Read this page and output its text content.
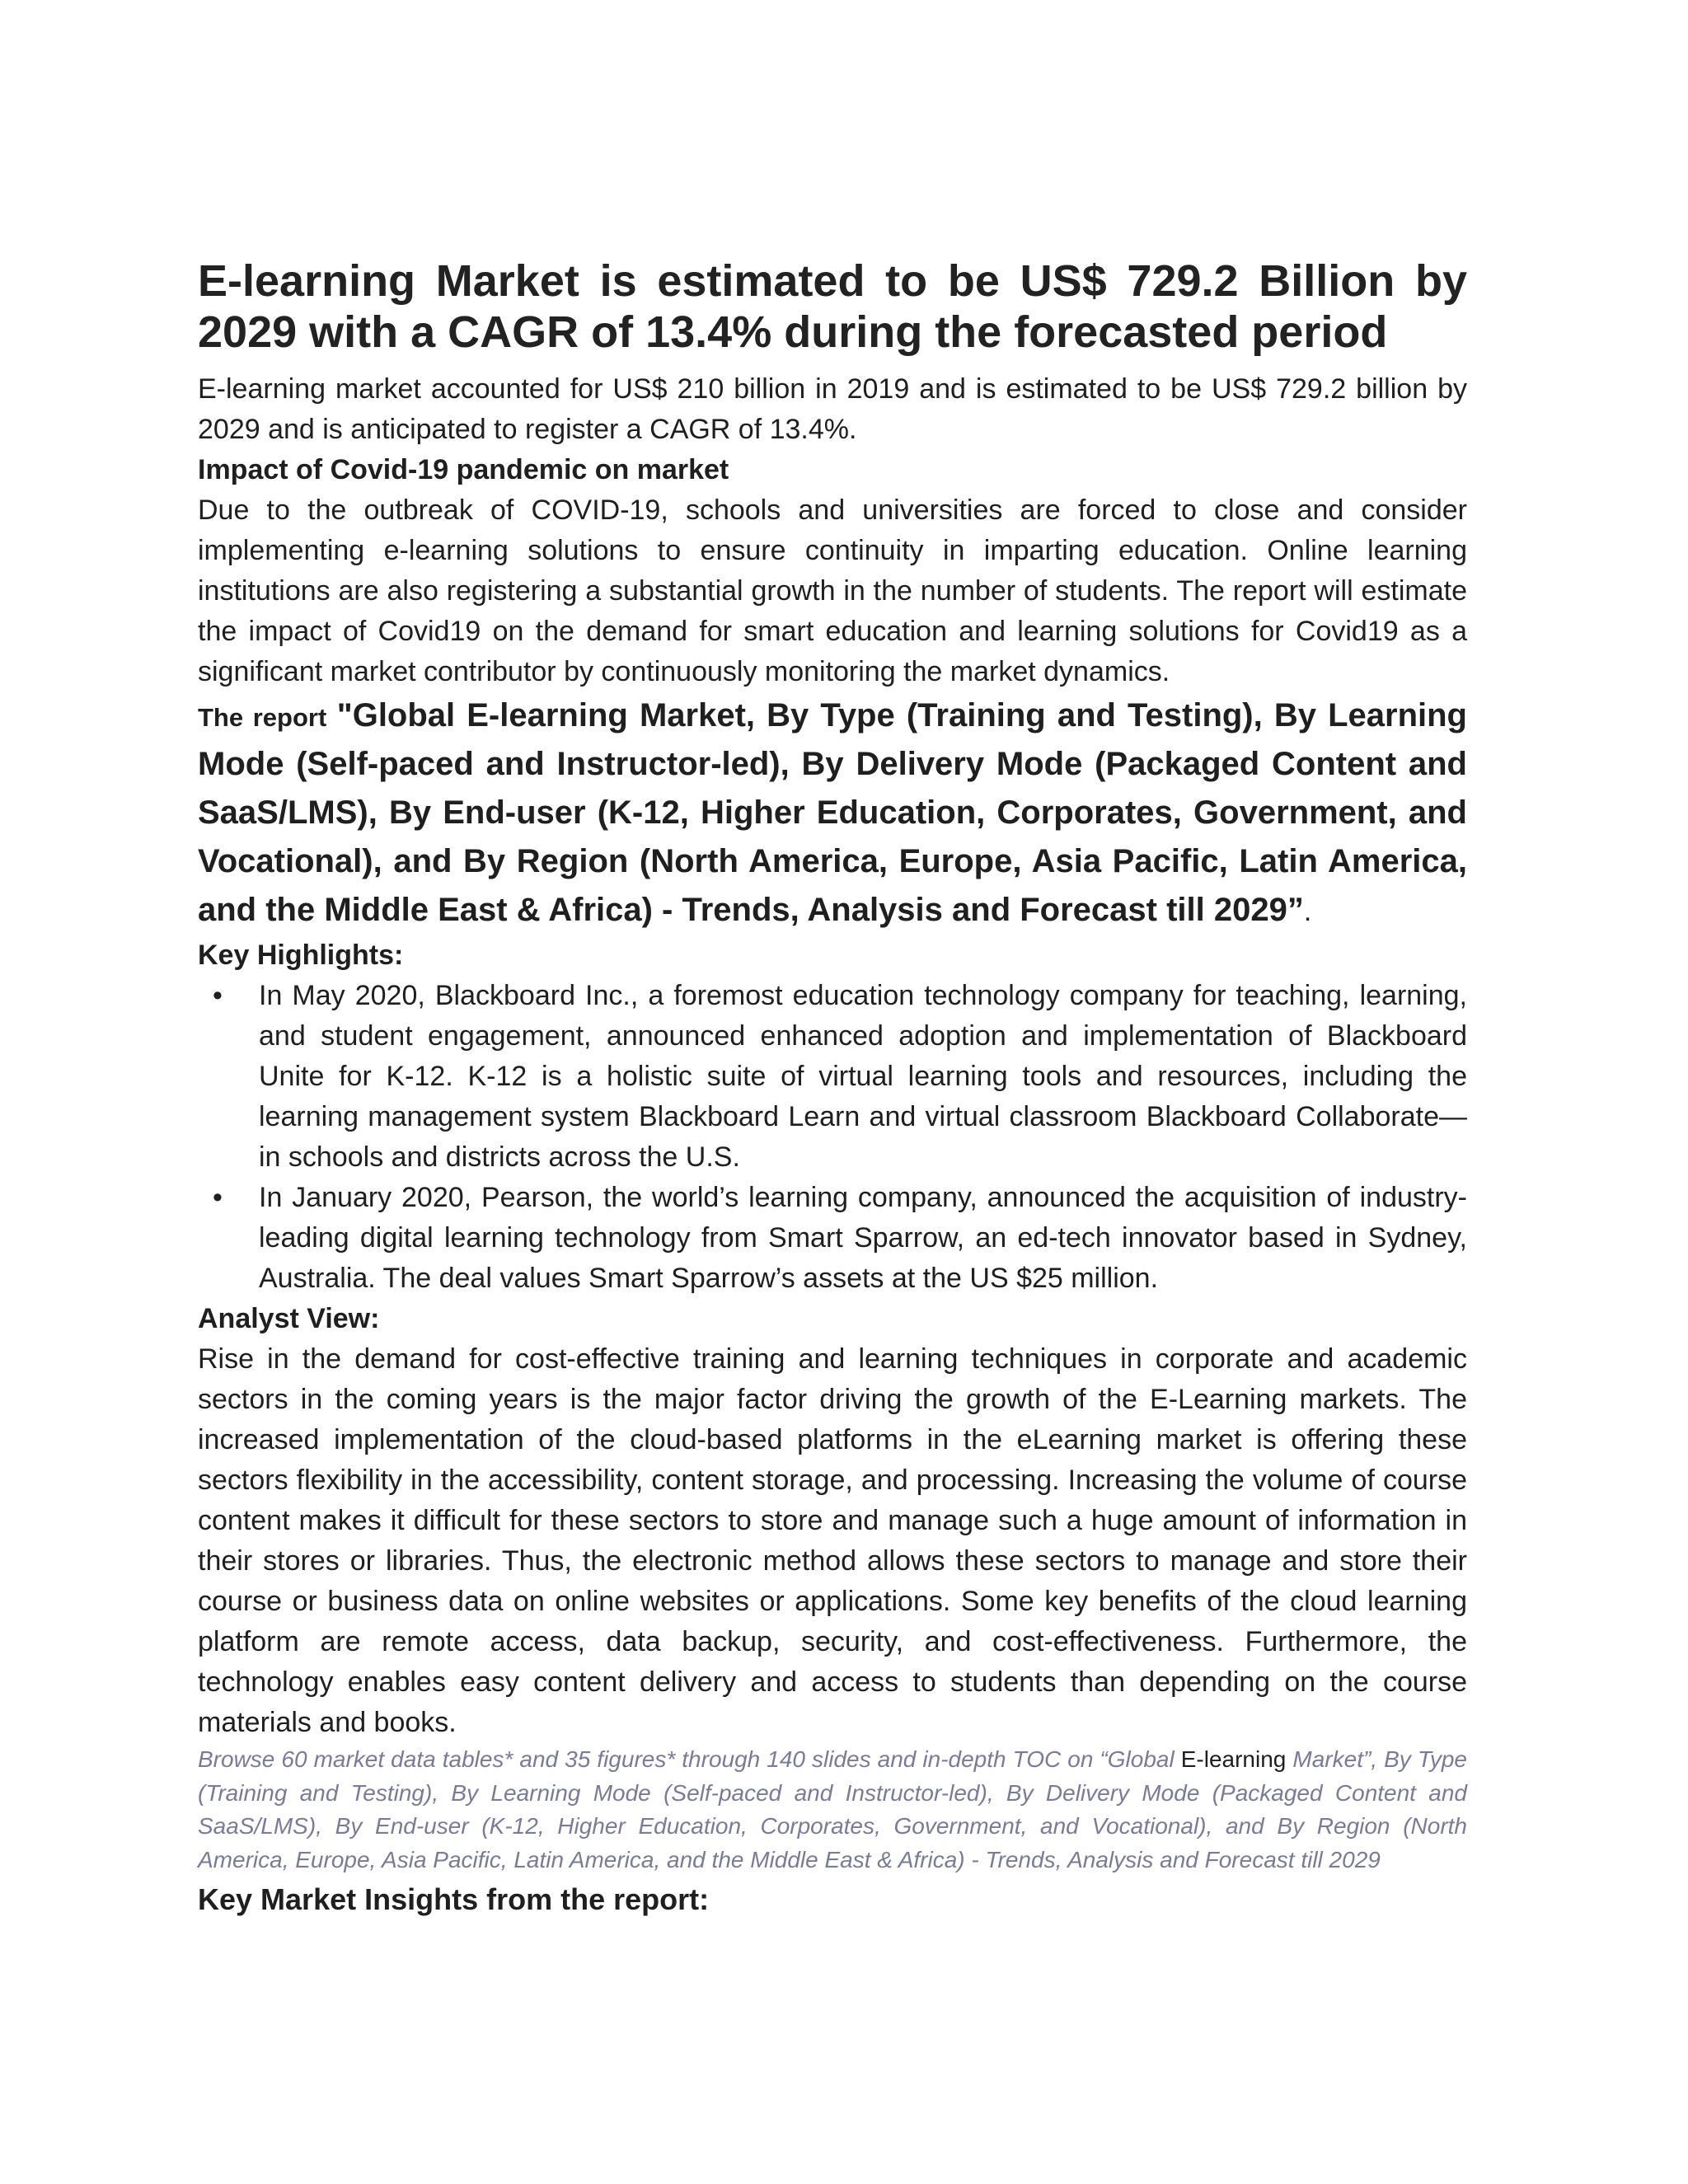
E-learning Market is estimated to be US$ 729.2 Billion by 2029 with a CAGR of 13.4% during the forecasted period

E-learning market accounted for US$ 210 billion in 2019 and is estimated to be US$ 729.2 billion by 2029 and is anticipated to register a CAGR of 13.4%.

Impact of Covid-19 pandemic on market

Due to the outbreak of COVID-19, schools and universities are forced to close and consider implementing e-learning solutions to ensure continuity in imparting education. Online learning institutions are also registering a substantial growth in the number of students. The report will estimate the impact of Covid19 on the demand for smart education and learning solutions for Covid19 as a significant market contributor by continuously monitoring the market dynamics.

The report "Global E-learning Market, By Type (Training and Testing), By Learning Mode (Self-paced and Instructor-led), By Delivery Mode (Packaged Content and SaaS/LMS), By End-user (K-12, Higher Education, Corporates, Government, and Vocational), and By Region (North America, Europe, Asia Pacific, Latin America, and the Middle East & Africa) - Trends, Analysis and Forecast till 2029”.

Key Highlights:
• In May 2020, Blackboard Inc., a foremost education technology company for teaching, learning, and student engagement, announced enhanced adoption and implementation of Blackboard Unite for K-12. K-12 is a holistic suite of virtual learning tools and resources, including the learning management system Blackboard Learn and virtual classroom Blackboard Collaborate—in schools and districts across the U.S.
• In January 2020, Pearson, the world’s learning company, announced the acquisition of industry-leading digital learning technology from Smart Sparrow, an ed-tech innovator based in Sydney, Australia. The deal values Smart Sparrow’s assets at the US $25 million.
Analyst View:

Rise in the demand for cost-effective training and learning techniques in corporate and academic sectors in the coming years is the major factor driving the growth of the E-Learning markets. The increased implementation of the cloud-based platforms in the eLearning market is offering these sectors flexibility in the accessibility, content storage, and processing. Increasing the volume of course content makes it difficult for these sectors to store and manage such a huge amount of information in their stores or libraries. Thus, the electronic method allows these sectors to manage and store their course or business data on online websites or applications. Some key benefits of the cloud learning platform are remote access, data backup, security, and cost-effectiveness. Furthermore, the technology enables easy content delivery and access to students than depending on the course materials and books.

Browse 60 market data tables* and 35 figures* through 140 slides and in-depth TOC on “Global E-learning Market”, By Type (Training and Testing), By Learning Mode (Self-paced and Instructor-led), By Delivery Mode (Packaged Content and SaaS/LMS), By End-user (K-12, Higher Education, Corporates, Government, and Vocational), and By Region (North America, Europe, Asia Pacific, Latin America, and the Middle East & Africa) - Trends, Analysis and Forecast till 2029

Key Market Insights from the report:
